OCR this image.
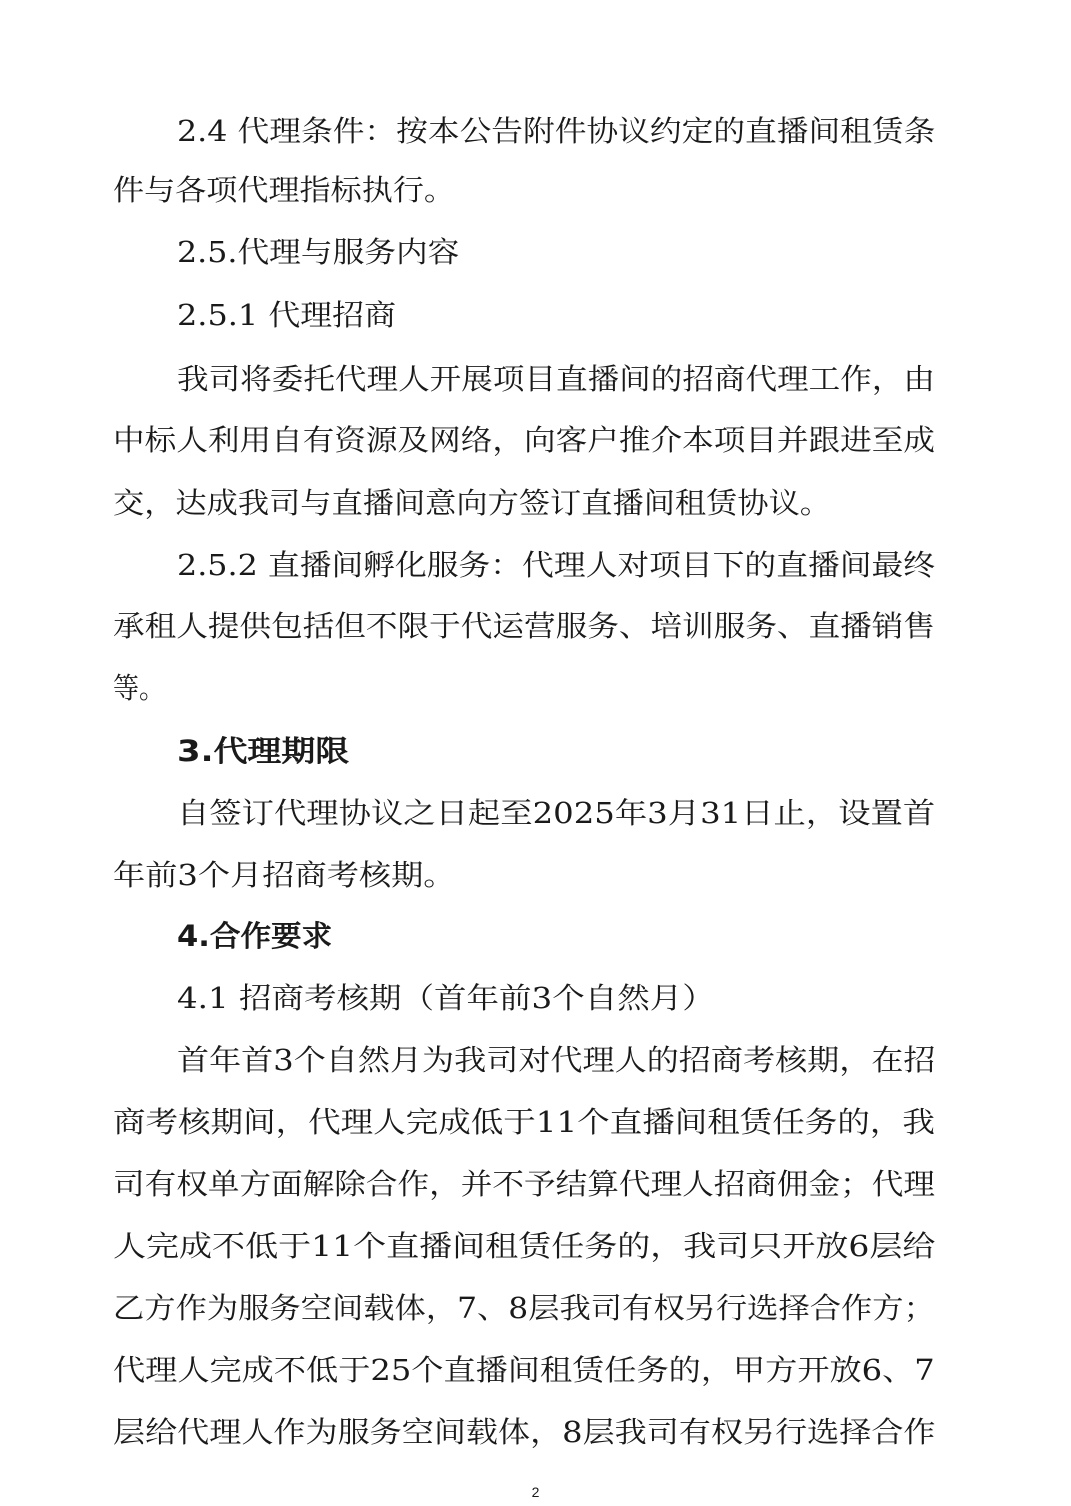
2.4 代理条件：按本公告附件协议约定的直播间租赁条
件与各项代理指标执行。
2.5.代理与服务内容
2.5.1 代理招商
我司将委托代理人开展项目直播间的招商代理工作，由
中标人利用自有资源及网络，向客户推介本项目并跟进至成
交，达成我司与直播间意向方签订直播间租赁协议。
2.5.2 直播间孵化服务：代理人对项目下的直播间最终
承租人提供包括但不限于代运营服务、培训服务、直播销售
等。
3.代理期限
自签订代理协议之日起至2025年3月31日止，设置首
年前3个月招商考核期。
4.合作要求
4.1 招商考核期（首年前3个自然月）
首年首3个自然月为我司对代理人的招商考核期，在招
商考核期间，代理人完成低于11个直播间租赁任务的，我
司有权单方面解除合作，并不予结算代理人招商佣金；代理
人完成不低于11个直播间租赁任务的，我司只开放6层给
乙方作为服务空间载体，7、8层我司有权另行选择合作方；
代理人完成不低于25个直播间租赁任务的，甲方开放6、7
层给代理人作为服务空间载体，8层我司有权另行选择合作
2
